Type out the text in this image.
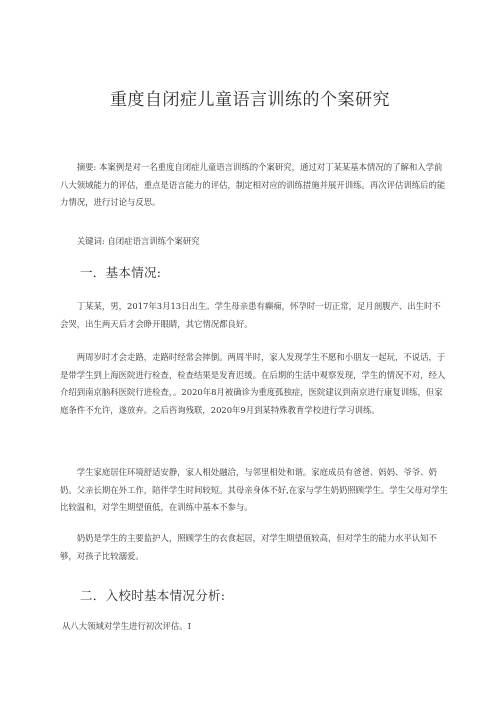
重度自闭症儿童语言训练的个案研究

摘要: 本案例是对一名重度自闭症儿童语言训练的个案研究，通过对丁某某基本情况的了解和入学前八大领域能力的评估，重点是语言能力的评估，制定相对应的训练措施并展开训练。再次评估训练后的能力情况，进行讨论与反思。

关键词: 自闭症语言训练个案研究

一．基本情况:

丁某某，男，2017年3月13日出生。学生母亲患有癫痫，怀孕时一切正常，足月剖腹产、出生时不会哭，出生两天后才会睁开眼睛，其它情况都良好。

两周岁时才会走路，走路时经常会摔倒。两周半时，家人发现学生不愿和小朋友一起玩，不说话，于是带学生到上海医院进行检查，检查结果是发育迟缓。在后期的生活中观察发现，学生的情况不对，经人介绍到南京脑科医院行进检查，。2020年8月被确诊为重度孤独症，医院建议到南京进行康复训练，但家庭条件不允许，遂放弃。之后咨询残联，2020年9月到某特殊教育学校进行学习训练。

学生家庭居住环境舒适安静，家人相处融洽，与邻里相处和谐。家庭成员有爸爸、妈妈、爷爷、奶奶。父亲长期在外工作，陪伴学生时间较短。其母亲身体不好,在家与学生奶奶照顾学生。学生父母对学生比较温和，对学生期望值低，在训练中基本不参与。

奶奶是学生的主要监护人，照顾学生的衣食起居，对学生期望值较高，但对学生的能力水平认知不够，对孩子比较溺爱。

二．入校时基本情况分析:

从八大领域对学生进行初次评估。I
